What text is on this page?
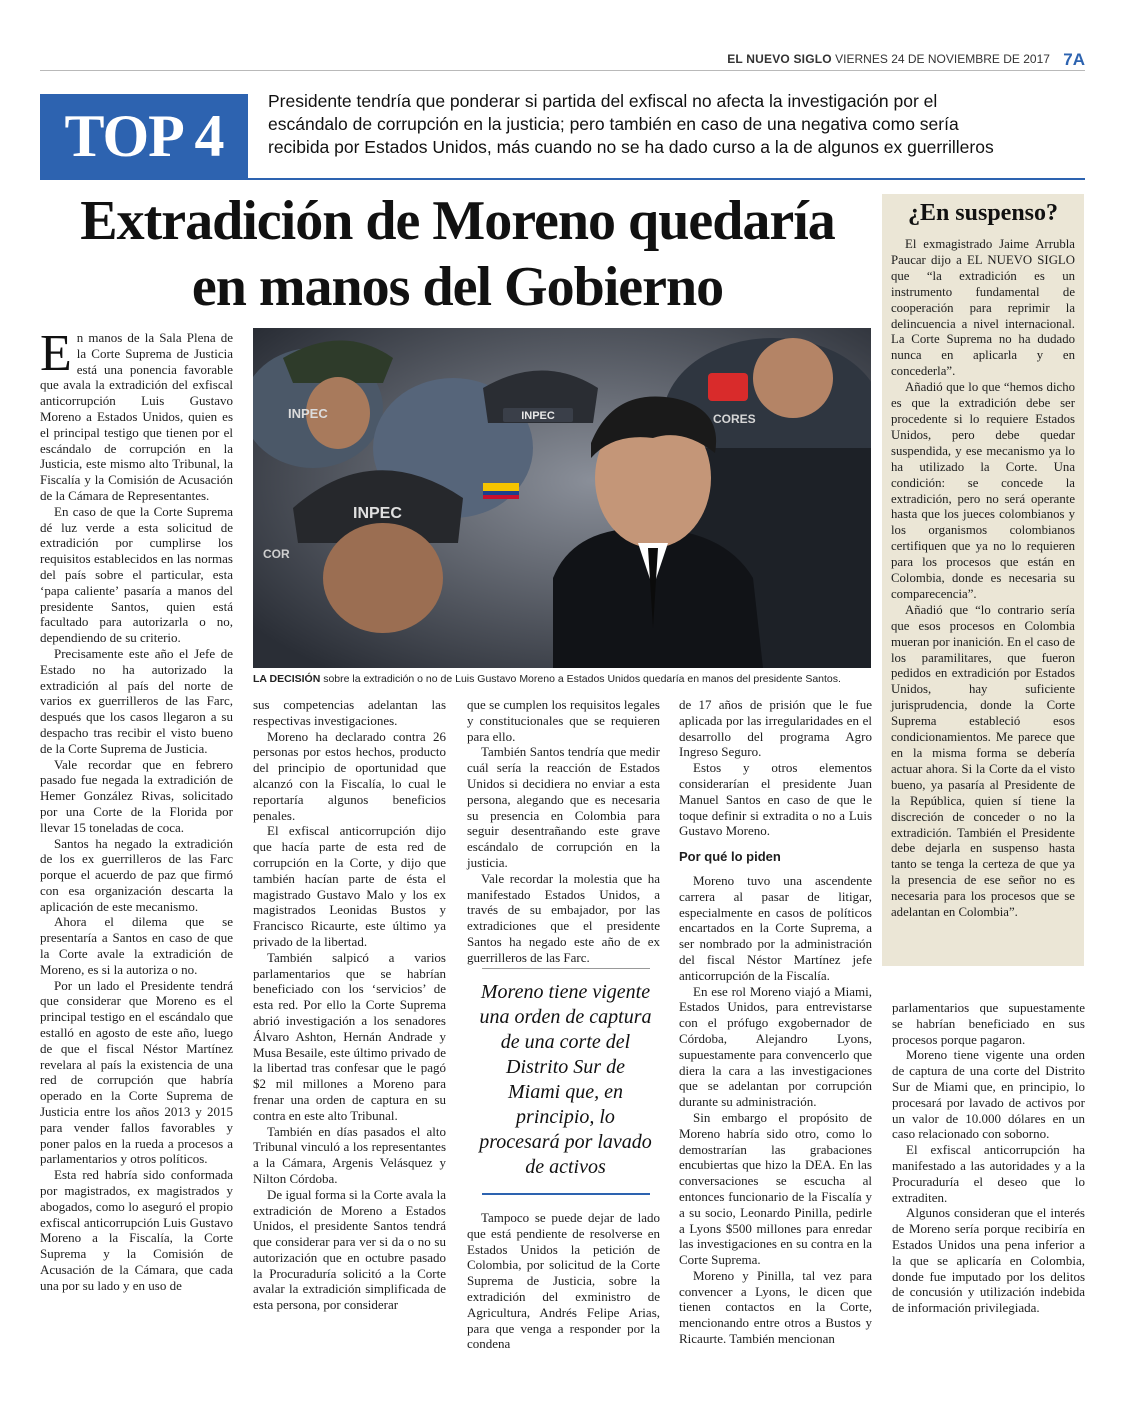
EL NUEVO SIGLO VIERNES 24 DE NOVIEMBRE DE 2017 7A
TOP 4
Presidente tendría que ponderar si partida del exfiscal no afecta la investigación por el
escándalo de corrupción en la justicia; pero también en caso de una negativa como sería
recibida por Estados Unidos, más cuando no se ha dado curso a la de algunos ex guerrilleros
Extradición de Moreno quedaría
en manos del Gobierno

En manos de la Sala Plena de la Corte Suprema de Justicia está una ponencia favorable que avala la extradición del exfiscal anticorrupción Luis Gustavo Moreno a Estados Unidos, quien es el principal testigo que tienen por el escándalo de corrupción en la Justicia, este mismo alto Tribunal, la Fiscalía y la Comisión de Acusación de la Cámara de Representantes.

En caso de que la Corte Suprema dé luz verde a esta solicitud de extradición por cumplirse los requisitos establecidos en las normas del país sobre el particular, esta ‘papa caliente’ pasaría a manos del presidente Santos, quien está facultado para autorizarla o no, dependiendo de su criterio.

Precisamente este año el Jefe de Estado no ha autorizado la extradición al país del norte de varios ex guerrilleros de las Farc, después que los casos llegaron a su despacho tras recibir el visto bueno de la Corte Suprema de Justicia.

Vale recordar que en febrero pasado fue negada la extradición de Hemer González Rivas, solicitado por una Corte de la Florida por llevar 15 toneladas de coca.

Santos ha negado la extradición de los ex guerrilleros de las Farc porque el acuerdo de paz que firmó con esa organización descarta la aplicación de este mecanismo.

Ahora el dilema que se presentaría a Santos en caso de que la Corte avale la extradición de Moreno, es si la autoriza o no.

Por un lado el Presidente tendrá que considerar que Moreno es el principal testigo en el escándalo que estalló en agosto de este año, luego de que el fiscal Néstor Martínez revelara al país la existencia de una red de corrupción que habría operado en la Corte Suprema de Justicia entre los años 2013 y 2015 para vender fallos favorables y poner palos en la rueda a procesos a parlamentarios y otros políticos.

Esta red habría sido conformada por magistrados, ex magistrados y abogados, como lo aseguró el propio exfiscal anticorrupción Luis Gustavo Moreno a la Fiscalía, la Corte Suprema y la Comisión de Acusación de la Cámara, que cada una por su lado y en uso de

INPEC
INPEC
INPEC
COR
CORES
LA DECISIÓN sobre la extradición o no de Luis Gustavo Moreno a Estados Unidos quedaría en manos del presidente Santos.

sus competencias adelantan las respectivas investigaciones.

Moreno ha declarado contra 26 personas por estos hechos, producto del principio de oportunidad que alcanzó con la Fiscalía, lo cual le reportaría algunos beneficios penales.

El exfiscal anticorrupción dijo que hacía parte de esta red de corrupción en la Corte, y dijo que también hacían parte de ésta el magistrado Gustavo Malo y los ex magistrados Leonidas Bustos y Francisco Ricaurte, este último ya privado de la libertad.

También salpicó a varios parlamentarios que se habrían beneficiado con los ‘servicios’ de esta red. Por ello la Corte Suprema abrió investigación a los senadores Álvaro Ashton, Hernán Andrade y Musa Besaile, este último privado de la libertad tras confesar que le pagó $2 mil millones a Moreno para frenar una orden de captura en su contra en este alto Tribunal.

También en días pasados el alto Tribunal vinculó a los representantes a la Cámara, Argenis Velásquez y Nilton Córdoba.

De igual forma si la Corte avala la extradición de Moreno a Estados Unidos, el presidente Santos tendrá que considerar para ver si da o no su autorización que en octubre pasado la Procuraduría solicitó a la Corte avalar la extradición simplificada de esta persona, por considerar

que se cumplen los requisitos legales y constitucionales que se requieren para ello.

También Santos tendría que medir cuál sería la reacción de Estados Unidos si decidiera no enviar a esta persona, alegando que es necesaria su presencia en Colombia para seguir desentrañando este grave escándalo de corrupción en la justicia.

Vale recordar la molestia que ha manifestado Estados Unidos, a través de su embajador, por las extradiciones que el presidente Santos ha negado este año de ex guerrilleros de las Farc.

Moreno tiene vigente una orden de captura de una corte del Distrito Sur de Miami que, en principio, lo procesará por lavado de activos

Tampoco se puede dejar de lado que está pendiente de resolverse en Estados Unidos la petición de Colombia, por solicitud de la Corte Suprema de Justicia, sobre la extradición del exministro de Agricultura, Andrés Felipe Arias, para que venga a responder por la condena

de 17 años de prisión que le fue aplicada por las irregularidades en el desarrollo del programa Agro Ingreso Seguro.

Estos y otros elementos considerarían el presidente Juan Manuel Santos en caso de que le toque definir si extradita o no a Luis Gustavo Moreno.

Por qué lo piden

Moreno tuvo una ascendente carrera al pasar de litigar, especialmente en casos de políticos encartados en la Corte Suprema, a ser nombrado por la administración del fiscal Néstor Martínez jefe anticorrupción de la Fiscalía.

En ese rol Moreno viajó a Miami, Estados Unidos, para entrevistarse con el prófugo exgobernador de Córdoba, Alejandro Lyons, supuestamente para convencerlo que diera la cara a las investigaciones que se adelantan por corrupción durante su administración.

Sin embargo el propósito de Moreno habría sido otro, como lo demostrarían las grabaciones encubiertas que hizo la DEA. En las conversaciones se escucha al entonces funcionario de la Fiscalía y a su socio, Leonardo Pinilla, pedirle a Lyons $500 millones para enredar las investigaciones en su contra en la Corte Suprema.

Moreno y Pinilla, tal vez para convencer a Lyons, le dicen que tienen contactos en la Corte, mencionando entre otros a Bustos y Ricaurte. También mencionan

¿En suspenso?

El exmagistrado Jaime Arrubla Paucar dijo a EL NUEVO SIGLO que “la extradición es un instrumento fundamental de cooperación para reprimir la delincuencia a nivel internacional. La Corte Suprema no ha dudado nunca en aplicarla y en concederla”.

Añadió que lo que “hemos dicho es que la extradición debe ser procedente si lo requiere Estados Unidos, pero debe quedar suspendida, y ese mecanismo ya lo ha utilizado la Corte. Una condición: se concede la extradición, pero no será operante hasta que los jueces colombianos y los organismos colombianos certifiquen que ya no lo requieren para los procesos que están en Colombia, donde es necesaria su comparecencia”.

Añadió que “lo contrario sería que esos procesos en Colombia mueran por inanición. En el caso de los paramilitares, que fueron pedidos en extradición por Estados Unidos, hay suficiente jurisprudencia, donde la Corte Suprema estableció esos condicionamientos. Me parece que en la misma forma se debería actuar ahora. Si la Corte da el visto bueno, ya pasaría al Presidente de la República, quien sí tiene la discreción de conceder o no la extradición. También el Presidente debe dejarla en suspenso hasta tanto se tenga la certeza de que ya la presencia de ese señor no es necesaria para los procesos que se adelantan en Colombia”.

parlamentarios que supuestamente se habrían beneficiado en sus procesos porque pagaron.

Moreno tiene vigente una orden de captura de una corte del Distrito Sur de Miami que, en principio, lo procesará por lavado de activos por un valor de 10.000 dólares en un caso relacionado con soborno.

El exfiscal anticorrupción ha manifestado a las autoridades y a la Procuraduría el deseo que lo extraditen.

Algunos consideran que el interés de Moreno sería porque recibiría en Estados Unidos una pena inferior a la que se aplicaría en Colombia, donde fue imputado por los delitos de concusión y utilización indebida de información privilegiada.
